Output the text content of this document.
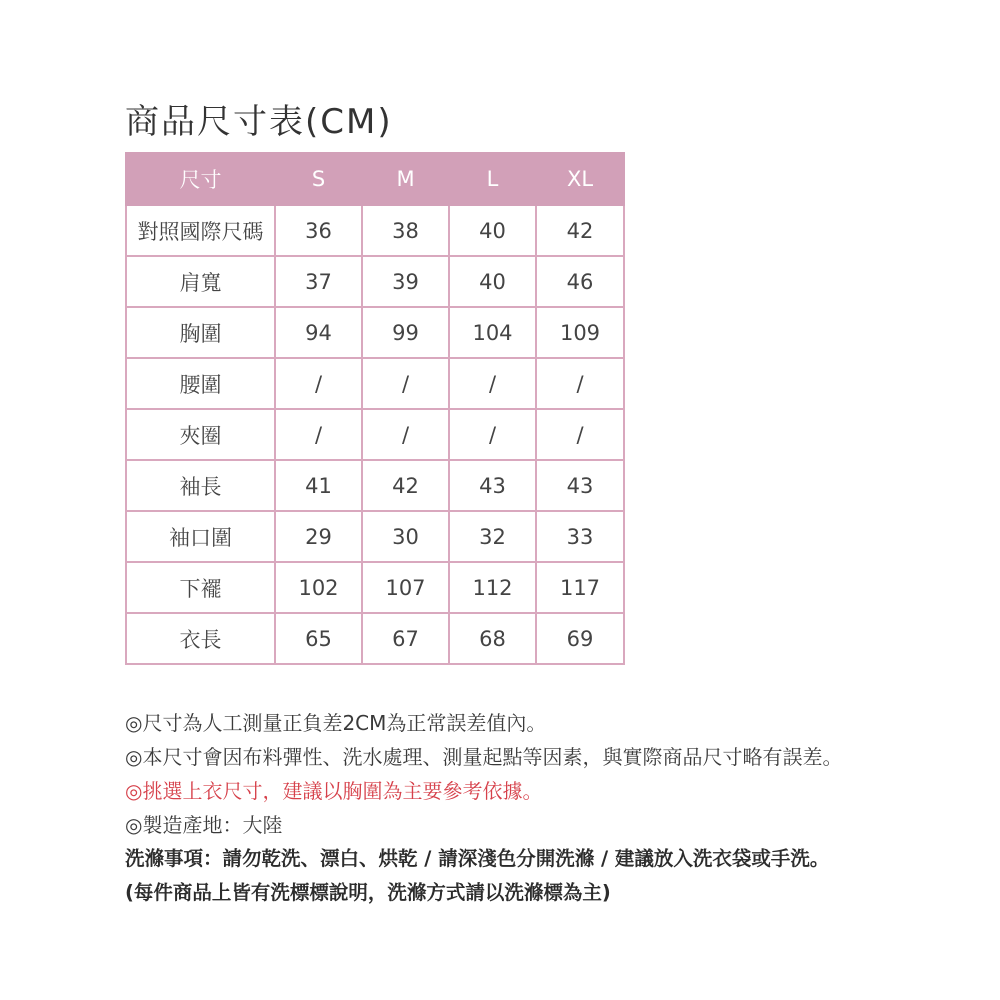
商品尺寸表(CM)
尺寸	S	M	L	XL
對照國際尺碼	36	38	40	42
肩寬	37	39	40	46
胸圍	94	99	104	109
腰圍	/	/	/	/
夾圈	/	/	/	/
袖長	41	42	43	43
袖口圍	29	30	32	33
下襬	102	107	112	117
衣長	65	67	68	69
◎尺寸為人工測量正負差2CM為正常誤差值內。
◎本尺寸會因布料彈性、洗水處理、測量起點等因素，與實際商品尺寸略有誤差。
◎挑選上衣尺寸，建議以胸圍為主要參考依據。
◎製造產地：大陸
洗滌事項：請勿乾洗、漂白、烘乾 / 請深淺色分開洗滌 / 建議放入洗衣袋或手洗。
(每件商品上皆有洗標標說明，洗滌方式請以洗滌標為主)
